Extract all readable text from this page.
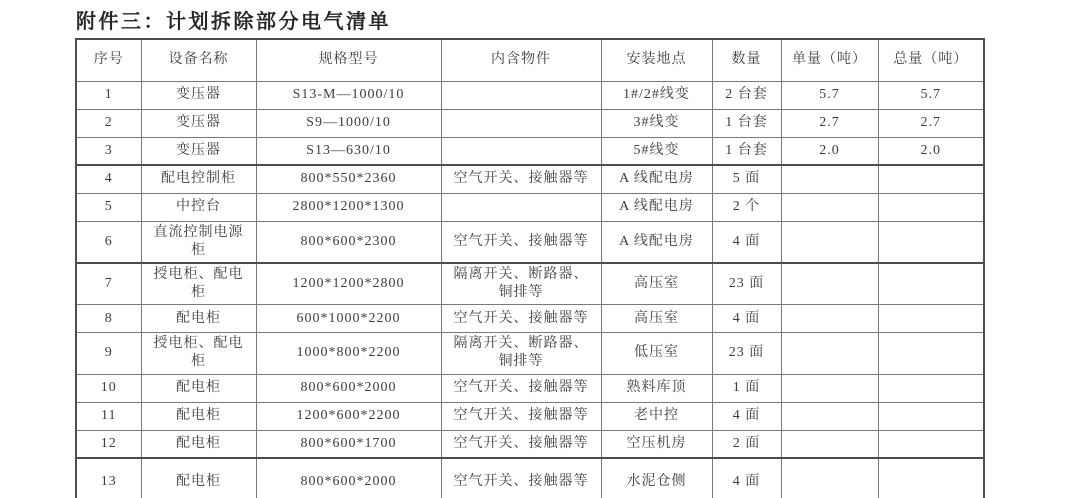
附件三：计划拆除部分电气清单
序号	设备名称	规格型号	内含物件	安装地点	数量	单量（吨）	总量（吨）
1	变压器	S13-M—1000/10		1#/2#线变	2 台套	5.7	5.7
2	变压器	S9—1000/10		3#线变	1 台套	2.7	2.7
3	变压器	S13—630/10		5#线变	1 台套	2.0	2.0
4	配电控制柜	800*550*2360	空气开关、接触器等	A 线配电房	5 面		
5	中控台	2800*1200*1300		A 线配电房	2 个		
6	直流控制电源柜	800*600*2300	空气开关、接触器等	A 线配电房	4 面		
7	授电柜、配电柜	1200*1200*2800	隔离开关、断路器、铜排等	高压室	23 面		
8	配电柜	600*1000*2200	空气开关、接触器等	高压室	4 面		
9	授电柜、配电柜	1000*800*2200	隔离开关、断路器、铜排等	低压室	23 面		
10	配电柜	800*600*2000	空气开关、接触器等	熟料库顶	1 面		
11	配电柜	1200*600*2200	空气开关、接触器等	老中控	4 面		
12	配电柜	800*600*1700	空气开关、接触器等	空压机房	2 面		
13	配电柜	800*600*2000	空气开关、接触器等	水泥仓侧	4 面		
